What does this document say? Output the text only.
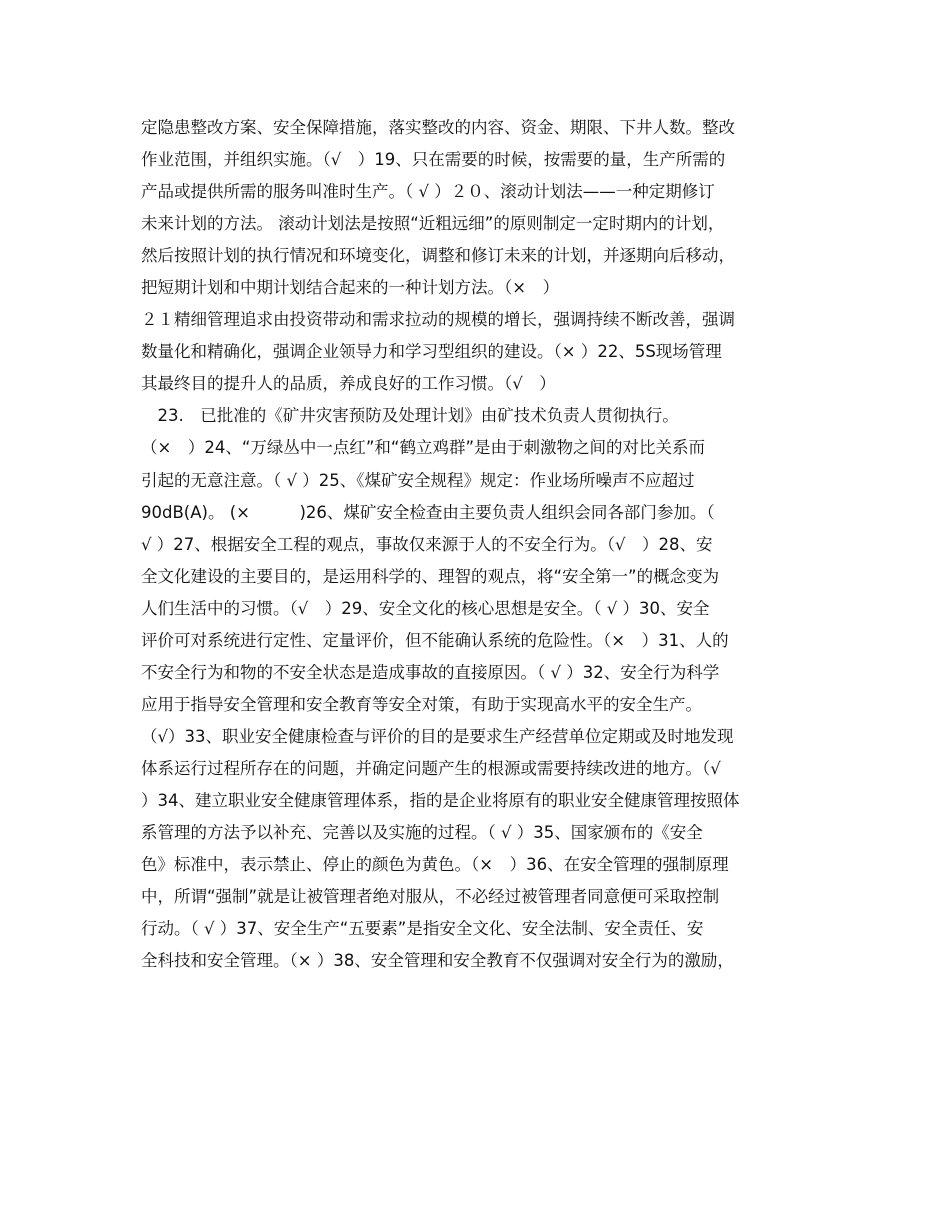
定隐患整改方案、安全保障措施，落实整改的内容、资金、期限、下井人数。整改
作业范围，并组织实施。（√　）19、只在需要的时候，按需要的量，生产所需的
产品或提供所需的服务叫准时生产。（ √ ）２０、滚动计划法——一种定期修订
未来计划的方法。 滚动计划法是按照“近粗远细”的原则制定一定时期内的计划，
然后按照计划的执行情况和环境变化，调整和修订未来的计划，并逐期向后移动，
把短期计划和中期计划结合起来的一种计划方法。（×　）
２１精细管理追求由投资带动和需求拉动的规模的增长，强调持续不断改善，强调
数量化和精确化，强调企业领导力和学习型组织的建设。（× ）22、5S现场管理
其最终目的提升人的品质，养成良好的工作习惯。（√　）
　23.　已批准的《矿井灾害预防及处理计划》由矿技术负责人贯彻执行。
（×　）24、“万绿丛中一点红”和“鹤立鸡群”是由于刺激物之间的对比关系而
引起的无意注意。（ √ ）25、《煤矿安全规程》规定：作业场所噪声不应超过
90dB(A)。 (×　　　)26、煤矿安全检查由主要负责人组织会同各部门参加。（
√ ）27、根据安全工程的观点，事故仅来源于人的不安全行为。（√　）28、安
全文化建设的主要目的，是运用科学的、理智的观点，将“安全第一”的概念变为
人们生活中的习惯。（√　）29、安全文化的核心思想是安全。（ √ ）30、安全
评价可对系统进行定性、定量评价，但不能确认系统的危险性。（×　）31、人的
不安全行为和物的不安全状态是造成事故的直接原因。（ √ ）32、安全行为科学
应用于指导安全管理和安全教育等安全对策，有助于实现高水平的安全生产。
（√）33、职业安全健康检查与评价的目的是要求生产经营单位定期或及时地发现
体系运行过程所存在的问题，并确定问题产生的根源或需要持续改进的地方。（√
）34、建立职业安全健康管理体系，指的是企业将原有的职业安全健康管理按照体
系管理的方法予以补充、完善以及实施的过程。（ √ ）35、国家颁布的《安全
色》标准中，表示禁止、停止的颜色为黄色。（×　）36、在安全管理的强制原理
中，所谓“强制”就是让被管理者绝对服从，不必经过被管理者同意便可采取控制
行动。（ √ ）37、安全生产“五要素”是指安全文化、安全法制、安全责任、安
全科技和安全管理。（× ）38、安全管理和安全教育不仅强调对安全行为的激励，
